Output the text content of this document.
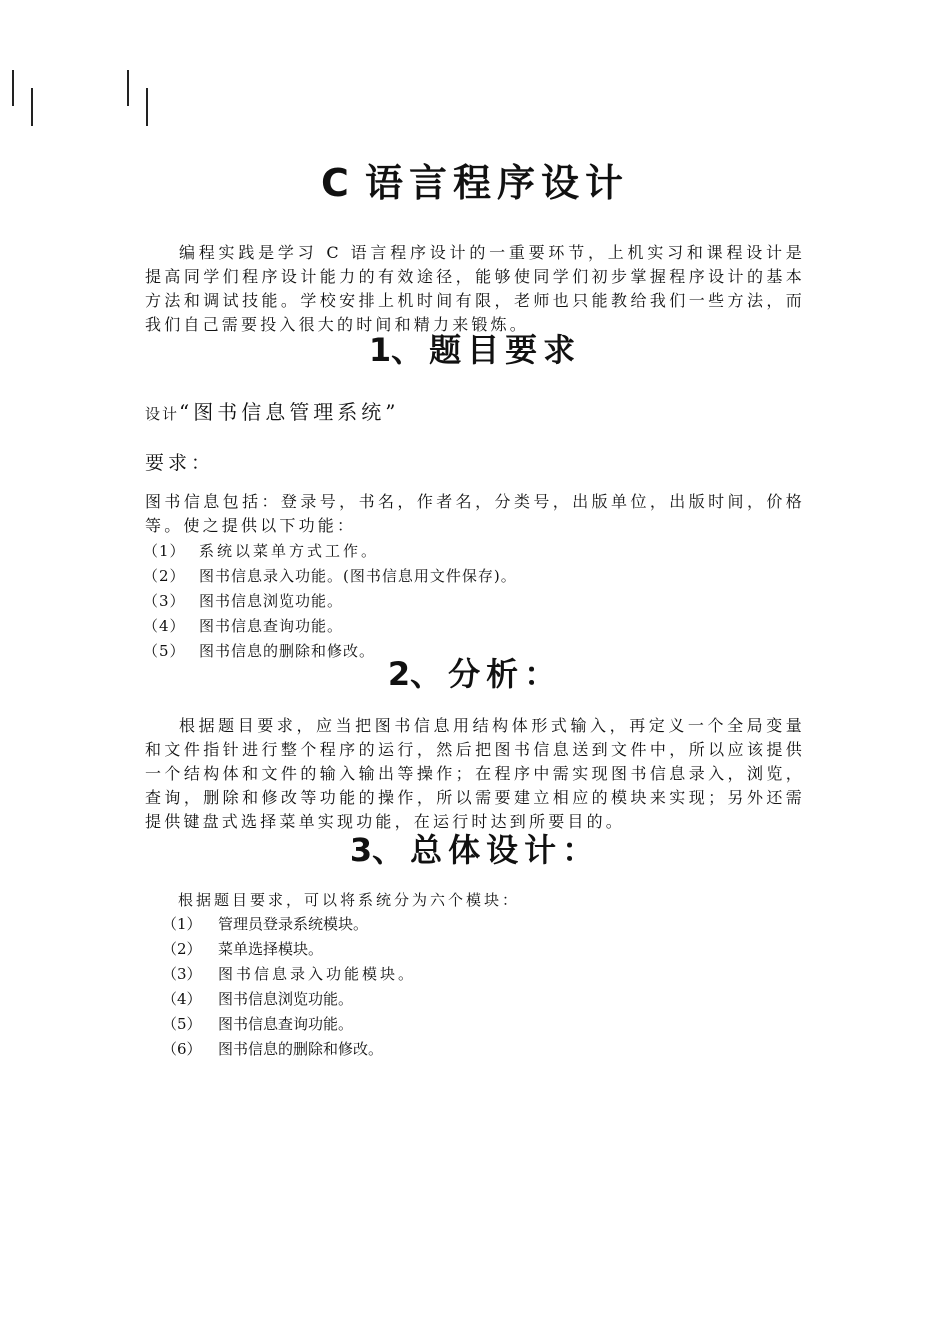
C 语言程序设计

编程实践是学习 C 语言程序设计的一重要环节，上机实习和课程设计是提高同学们程序设计能力的有效途径，能够使同学们初步掌握程序设计的基本方法和调试技能。学校安排上机时间有限，老师也只能教给我们一些方法，而我们自己需要投入很大的时间和精力来锻炼。

1、题目要求
设计“图书信息管理系统”
要求：

图书信息包括：登录号，书名，作者名，分类号，出版单位，出版时间，价格等。使之提供以下功能：

（1） 系统以菜单方式工作。
（2） 图书信息录入功能。(图书信息用文件保存)。
（3） 图书信息浏览功能。
（4） 图书信息查询功能。
（5） 图书信息的删除和修改。
2、分析：

根据题目要求，应当把图书信息用结构体形式输入，再定义一个全局变量和文件指针进行整个程序的运行，然后把图书信息送到文件中，所以应该提供一个结构体和文件的输入输出等操作；在程序中需实现图书信息录入，浏览，查询，删除和修改等功能的操作，所以需要建立相应的模块来实现；另外还需提供键盘式选择菜单实现功能，在运行时达到所要目的。

3、总体设计：
根据题目要求，可以将系统分为六个模块：
（1） 管理员登录系统模块。
（2） 菜单选择模块。
（3） 图书信息录入功能模块。
（4） 图书信息浏览功能。
（5） 图书信息查询功能。
（6） 图书信息的删除和修改。
